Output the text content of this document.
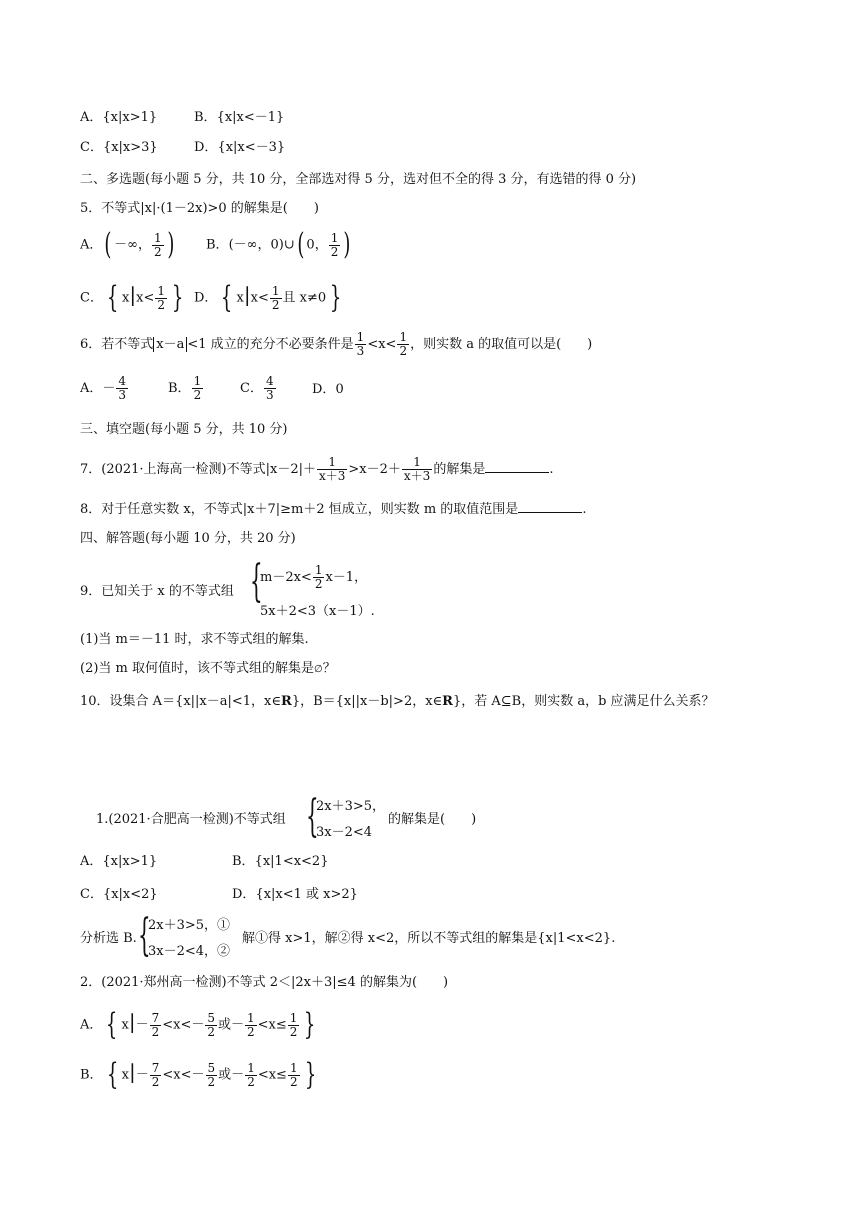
A．{x|x>1}	B．{x|x<－1}
C．{x|x>3}	D．{x|x<－3}
二、多选题(每小题 5 分，共 10 分，全部选对得 5 分，选对但不全的得 3 分，有选错的得 0 分)
5．不等式|x|·(1－2x)>0 的解集是(　　)
A．( －∞， $\frac{1}{2}$ ) B．(－∞，0)∪( 0， $\frac{1}{2}$ )
C． { $x|x< \frac{1}{2}$ } D． { $x|x< \frac{1}{2}$ 且 x≠0 }
6．若不等式 x－a <1 成立的充分不必要条件是 $\frac{1}{3} <x< \frac{1}{2}$ ，则实数 a 的取值可以是(　　)
A．－ $\frac{4}{3}$	B． $\frac{1}{2}$	C． $\frac{4}{3}$	D．0
三、填空题(每小题 5 分，共 10 分)
7．(2021·上海高一检测)不等式$|x-2|+ \frac{1}{x+3} >x-2+ \frac{1}{x+3}$ 的解集是	.
8．对于任意实数 x，不等式|x＋7|≥m＋2 恒成立，则实数 m 的取值范围是	.
四、解答题(每小题 10 分，共 20 分)
9．已知关于 x 的不等式组 {
$m-2x< \frac{1}{2} x-1$，
5x＋2<3（x－1）.
(1)当 m＝－11 时，求不等式组的解集.
(2)当 m 取何值时，该不等式组的解集是∅？
10．设集合 A＝{x||x－a|<1，x∈R}，B＝{x||x－b|>2，x∈R}，若 A⊆B，则实数 a，b 应满足什么关系？
1.(2021·合肥高一检测)不等式组 {
2x＋3>5，
3x－2<4
的解集是(　　)
A．{x|x>1}	B．{x|1<x<2}
C．{x|x<2}	D．{x|x<1 或 x>2}
分析选 B. {
2x＋3>5，①
3x－2<4，②
解①得 x>1，解②得 x<2，所以不等式组的解集是{x|1<x<2}.
2．(2021·郑州高一检测)不等式 2＜|2x＋3|≤4 的解集为(　　)
A． { $x|- \frac{7}{2} <x<- \frac{5}{2}$ 或－ $\frac{1}{2} <x\le \frac{1}{2}$ }
B． { $x|- \frac{7}{2} <x<- \frac{5}{2}$ 或－ $\frac{1}{2} <x\le \frac{1}{2}$ }
